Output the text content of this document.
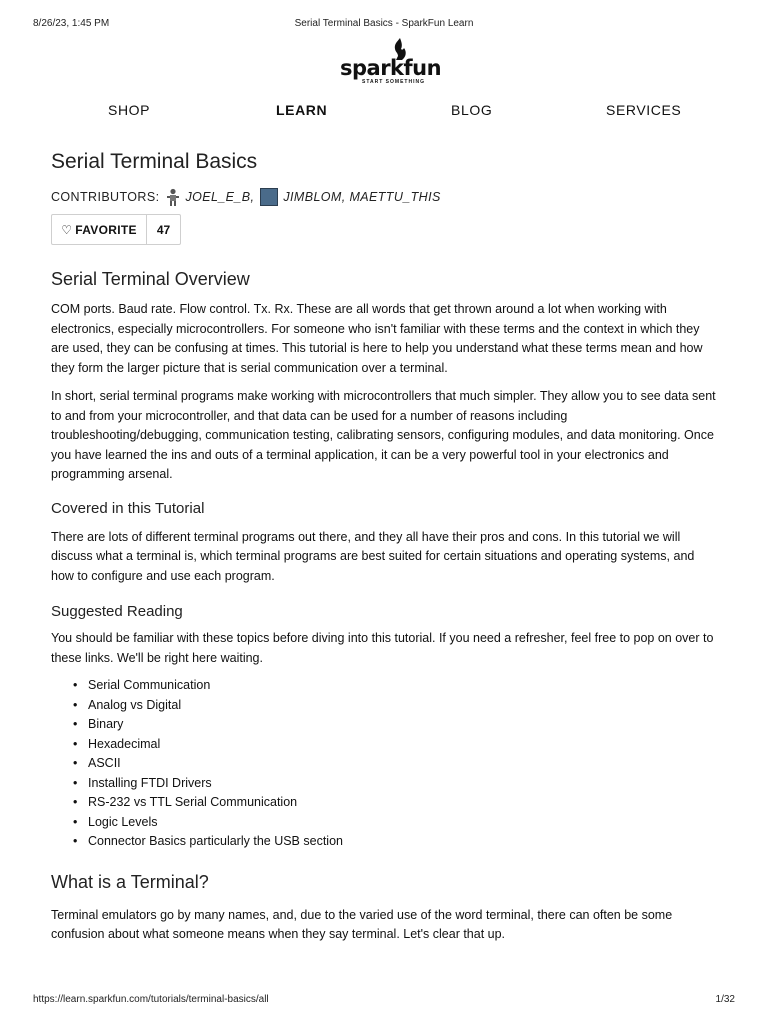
8/26/23, 1:45 PM	Serial Terminal Basics - SparkFun Learn
sparkfun
START SOMETHING
SHOP	LEARN	BLOG	SERVICES
Serial Terminal Basics
CONTRIBUTORS: JOEL_E_B, JIMBLOM, MAETTU_THIS
♡ FAVORITE	47
Serial Terminal Overview

COM ports. Baud rate. Flow control. Tx. Rx. These are all words that get thrown around a lot when working with electronics, especially microcontrollers. For someone who isn't familiar with these terms and the context in which they are used, they can be confusing at times. This tutorial is here to help you understand what these terms mean and how they form the larger picture that is serial communication over a terminal.

In short, serial terminal programs make working with microcontrollers that much simpler. They allow you to see data sent to and from your microcontroller, and that data can be used for a number of reasons including troubleshooting/debugging, communication testing, calibrating sensors, configuring modules, and data monitoring. Once you have learned the ins and outs of a terminal application, it can be a very powerful tool in your electronics and programming arsenal.

Covered in this Tutorial

There are lots of different terminal programs out there, and they all have their pros and cons. In this tutorial we will discuss what a terminal is, which terminal programs are best suited for certain situations and operating systems, and how to configure and use each program.

Suggested Reading

You should be familiar with these topics before diving into this tutorial. If you need a refresher, feel free to pop on over to these links. We'll be right here waiting.

• Serial Communication
• Analog vs Digital
• Binary
• Hexadecimal
• ASCII
• Installing FTDI Drivers
• RS-232 vs TTL Serial Communication
• Logic Levels
• Connector Basics particularly the USB section
What is a Terminal?

Terminal emulators go by many names, and, due to the varied use of the word terminal, there can often be some confusion about what someone means when they say terminal. Let's clear that up.

https://learn.sparkfun.com/tutorials/terminal-basics/all	1/32
